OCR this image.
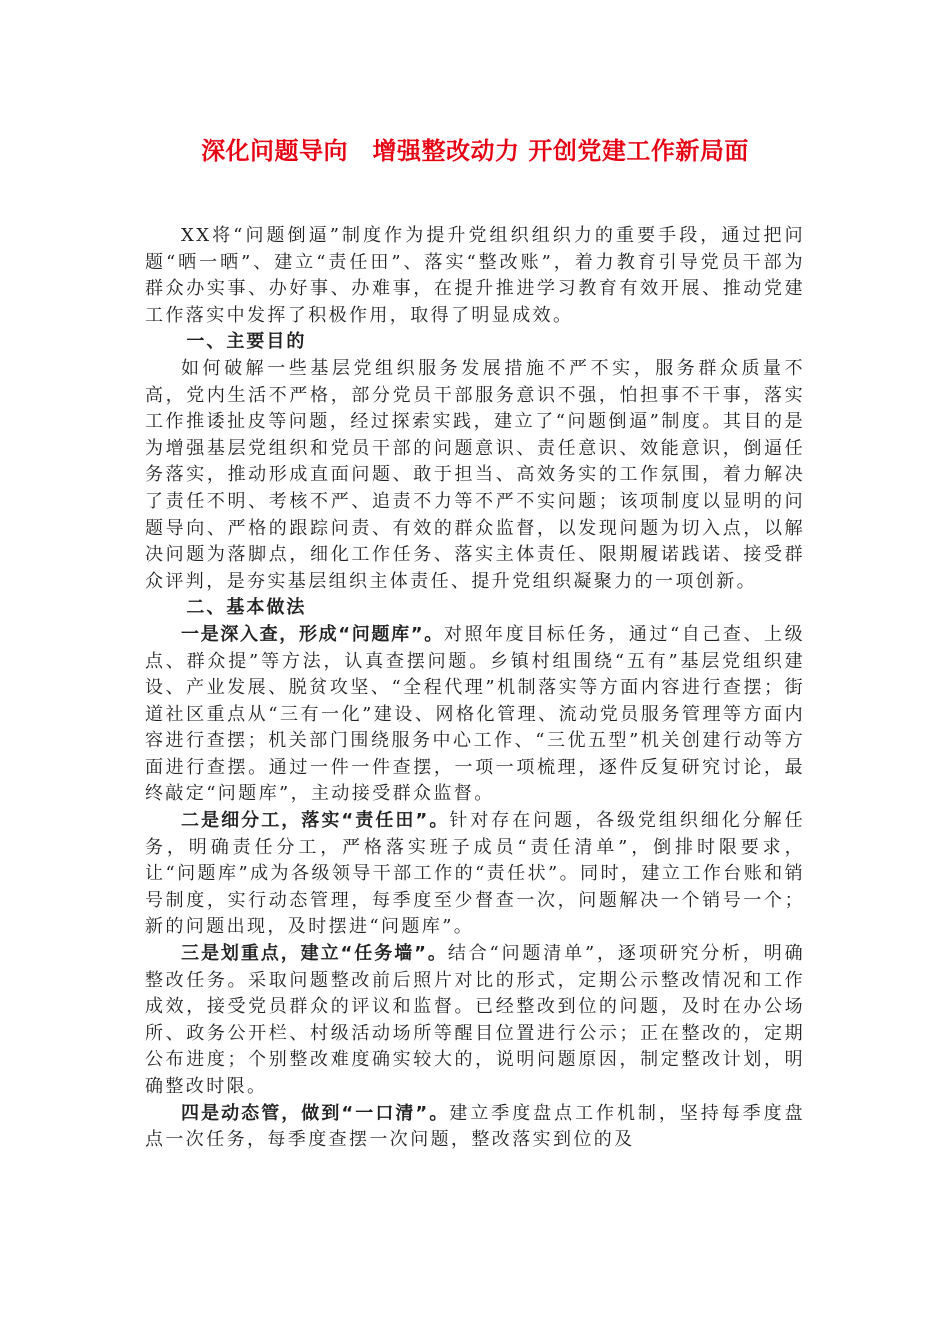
深化问题导向　增强整改动力 开创党建工作新局面

XX将“问题倒逼”制度作为提升党组织组织力的重要手段，通过把问题“晒一晒”、建立“责任田”、落实“整改账”，着力教育引导党员干部为群众办实事、办好事、办难事，在提升推进学习教育有效开展、推动党建工作落实中发挥了积极作用，取得了明显成效。

一、主要目的

如何破解一些基层党组织服务发展措施不严不实，服务群众质量不高，党内生活不严格，部分党员干部服务意识不强，怕担事不干事，落实工作推诿扯皮等问题，经过探索实践，建立了“问题倒逼”制度。其目的是为增强基层党组织和党员干部的问题意识、责任意识、效能意识，倒逼任务落实，推动形成直面问题、敢于担当、高效务实的工作氛围，着力解决了责任不明、考核不严、追责不力等不严不实问题；该项制度以显明的问题导向、严格的跟踪问责、有效的群众监督，以发现问题为切入点，以解决问题为落脚点，细化工作任务、落实主体责任、限期履诺践诺、接受群众评判，是夯实基层组织主体责任、提升党组织凝聚力的一项创新。

二、基本做法

一是深入查，形成“问题库”。对照年度目标任务，通过“自己查、上级点、群众提”等方法，认真查摆问题。乡镇村组围绕“五有”基层党组织建设、产业发展、脱贫攻坚、“全程代理”机制落实等方面内容进行查摆；街道社区重点从“三有一化”建设、网格化管理、流动党员服务管理等方面内容进行查摆；机关部门围绕服务中心工作、“三优五型”机关创建行动等方面进行查摆。通过一件一件查摆，一项一项梳理，逐件反复研究讨论，最终敲定“问题库”，主动接受群众监督。

二是细分工，落实“责任田”。针对存在问题，各级党组织细化分解任务，明确责任分工，严格落实班子成员“责任清单”，倒排时限要求，让“问题库”成为各级领导干部工作的“责任状”。同时，建立工作台账和销号制度，实行动态管理，每季度至少督查一次，问题解决一个销号一个；新的问题出现，及时摆进“问题库”。

三是划重点，建立“任务墙”。结合“问题清单”，逐项研究分析，明确整改任务。采取问题整改前后照片对比的形式，定期公示整改情况和工作成效，接受党员群众的评议和监督。已经整改到位的问题，及时在办公场所、政务公开栏、村级活动场所等醒目位置进行公示；正在整改的，定期公布进度；个别整改难度确实较大的，说明问题原因，制定整改计划，明确整改时限。

四是动态管，做到“一口清”。建立季度盘点工作机制，坚持每季度盘点一次任务，每季度查摆一次问题，整改落实到位的及
